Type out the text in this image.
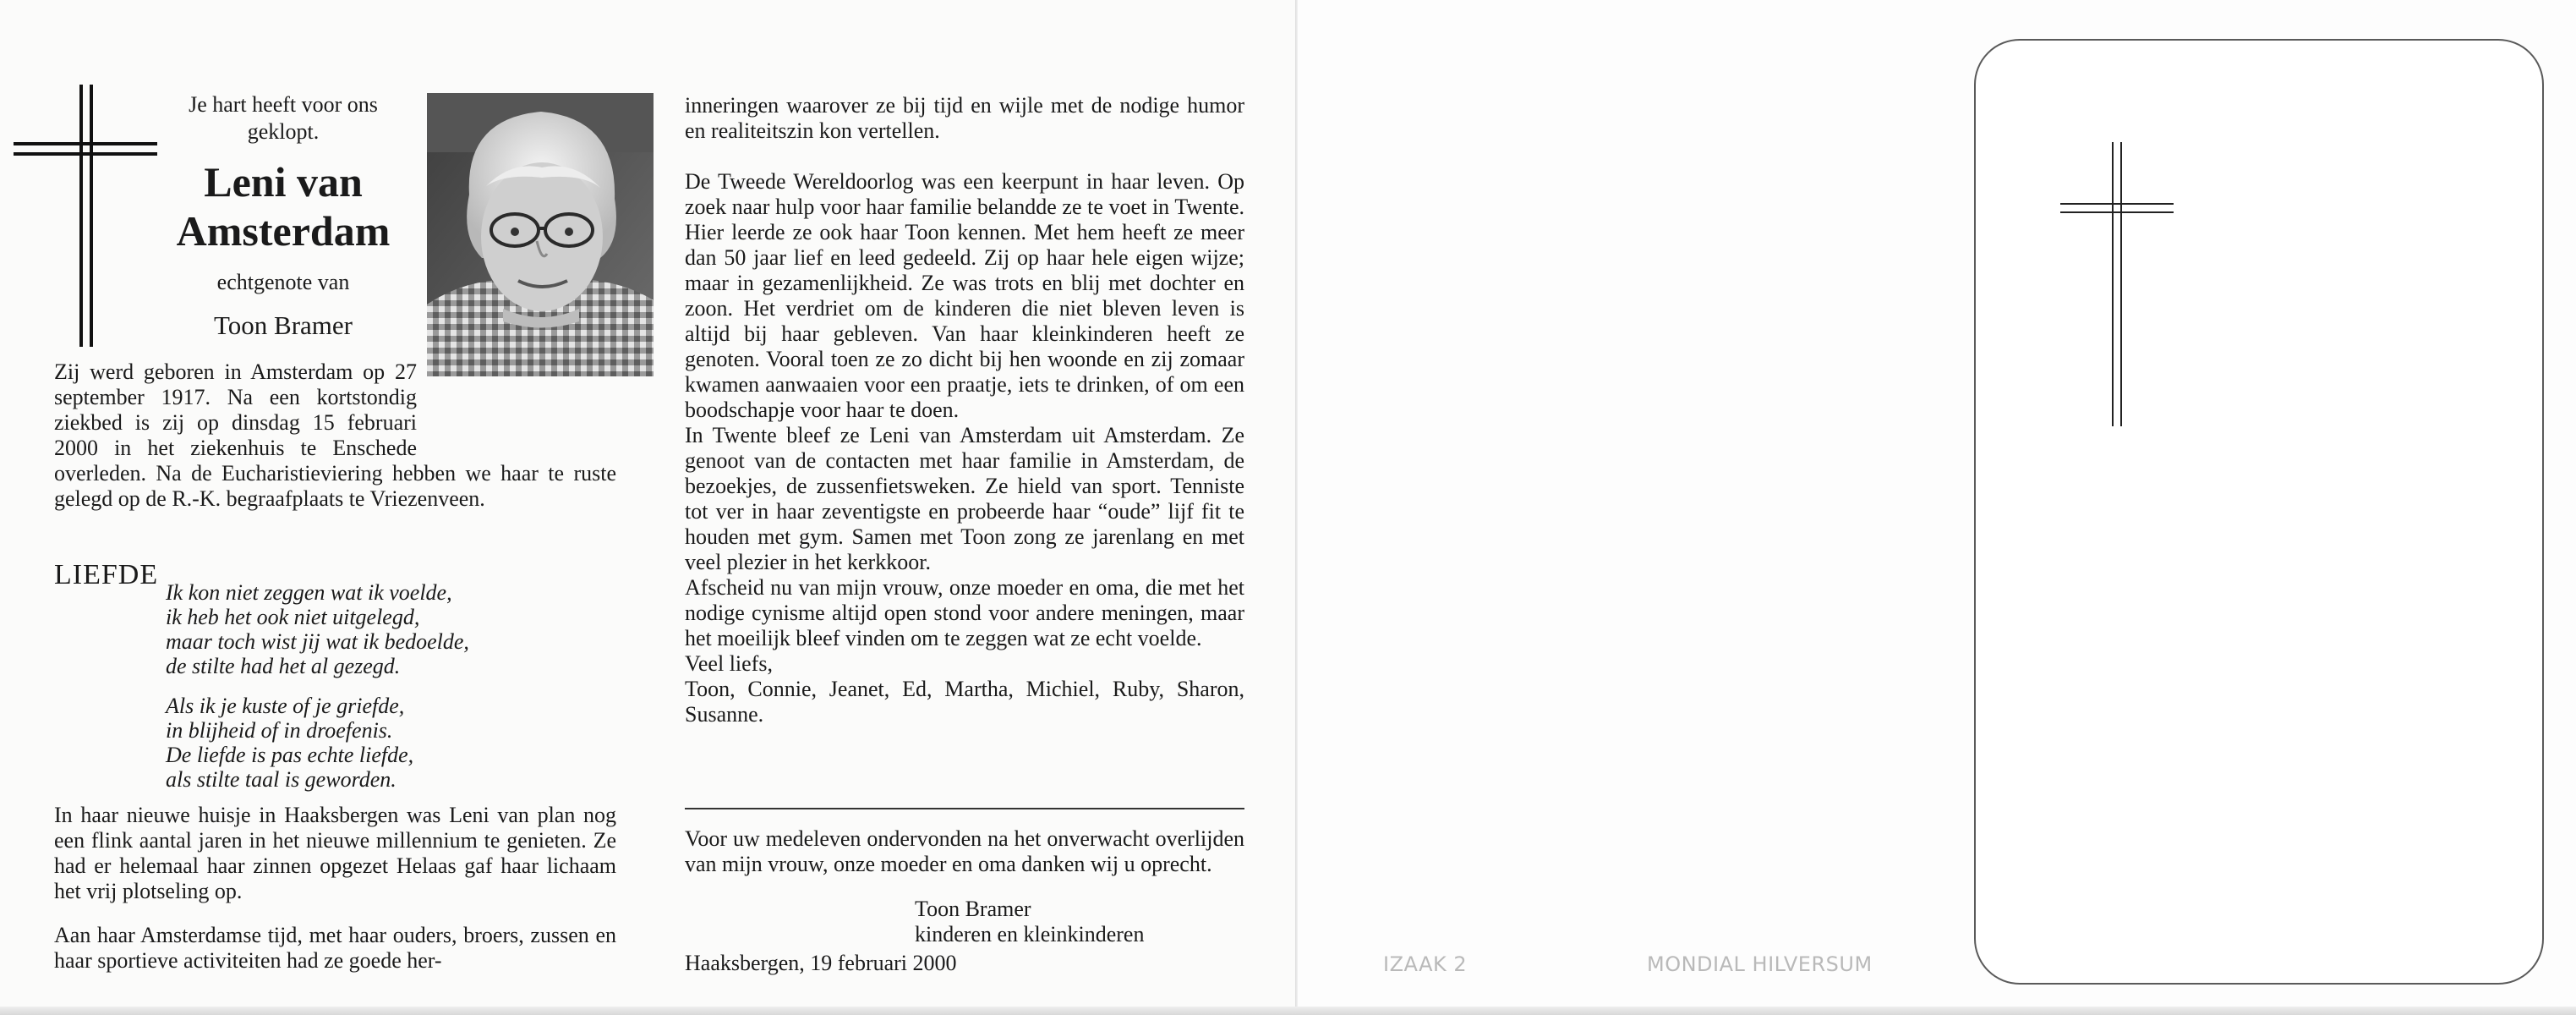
Je hart heeft voor ons geklopt.
Leni van Amsterdam
echtgenote van
Toon Bramer
Zij werd geboren in Amsterdam op 27 september 1917. Na een kortstondig ziekbed is zij op dinsdag 15 februari 2000 in het ziekenhuis te Enschede overleden. Na de Eucharistieviering hebben we haar te ruste gelegd op de R.-K. begraafplaats te Vriezenveen.
LIEFDE
Ik kon niet zeggen wat ik voelde,
ik heb het ook niet uitgelegd,
maar toch wist jij wat ik bedoelde,
de stilte had het al gezegd.
Als ik je kuste of je griefde,
in blijheid of in droefenis.
De liefde is pas echte liefde,
als stilte taal is geworden.

In haar nieuwe huisje in Haaksbergen was Leni van plan nog een flink aantal jaren in het nieuwe millennium te genieten. Ze had er helemaal haar zinnen opgezet Helaas gaf haar lichaam het vrij plotseling op.

Aan haar Amsterdamse tijd, met haar ouders, broers, zussen en haar sportieve activiteiten had ze goede her-

inneringen waarover ze bij tijd en wijle met de nodige humor en realiteitszin kon vertellen.

De Tweede Wereldoorlog was een keerpunt in haar leven. Op zoek naar hulp voor haar familie belandde ze te voet in Twente. Hier leerde ze ook haar Toon kennen. Met hem heeft ze meer dan 50 jaar lief en leed gedeeld. Zij op haar hele eigen wijze; maar in gezamenlijkheid. Ze was trots en blij met dochter en zoon. Het verdriet om de kinderen die niet bleven leven is altijd bij haar gebleven. Van haar kleinkinderen heeft ze genoten. Vooral toen ze zo dicht bij hen woonde en zij zomaar kwamen aanwaaien voor een praatje, iets te drinken, of om een boodschapje voor haar te doen.

In Twente bleef ze Leni van Amsterdam uit Amsterdam. Ze genoot van de contacten met haar familie in Amsterdam, de bezoekjes, de zussenfietsweken. Ze hield van sport. Tenniste tot ver in haar zeventigste en probeerde haar “oude” lijf fit te houden met gym. Samen met Toon zong ze jarenlang en met veel plezier in het kerkkoor.

Afscheid nu van mijn vrouw, onze moeder en oma, die met het nodige cynisme altijd open stond voor andere meningen, maar het moeilijk bleef vinden om te zeggen wat ze echt voelde.

Veel liefs,

Toon, Connie, Jeanet, Ed, Martha, Michiel, Ruby, Sharon, Susanne.

Voor uw medeleven ondervonden na het onverwacht overlijden van mijn vrouw, onze moeder en oma danken wij u oprecht.
Toon Bramer
kinderen en kleinkinderen
Haaksbergen, 19 februari 2000	IZAAK 2	MONDIAL HILVERSUM
